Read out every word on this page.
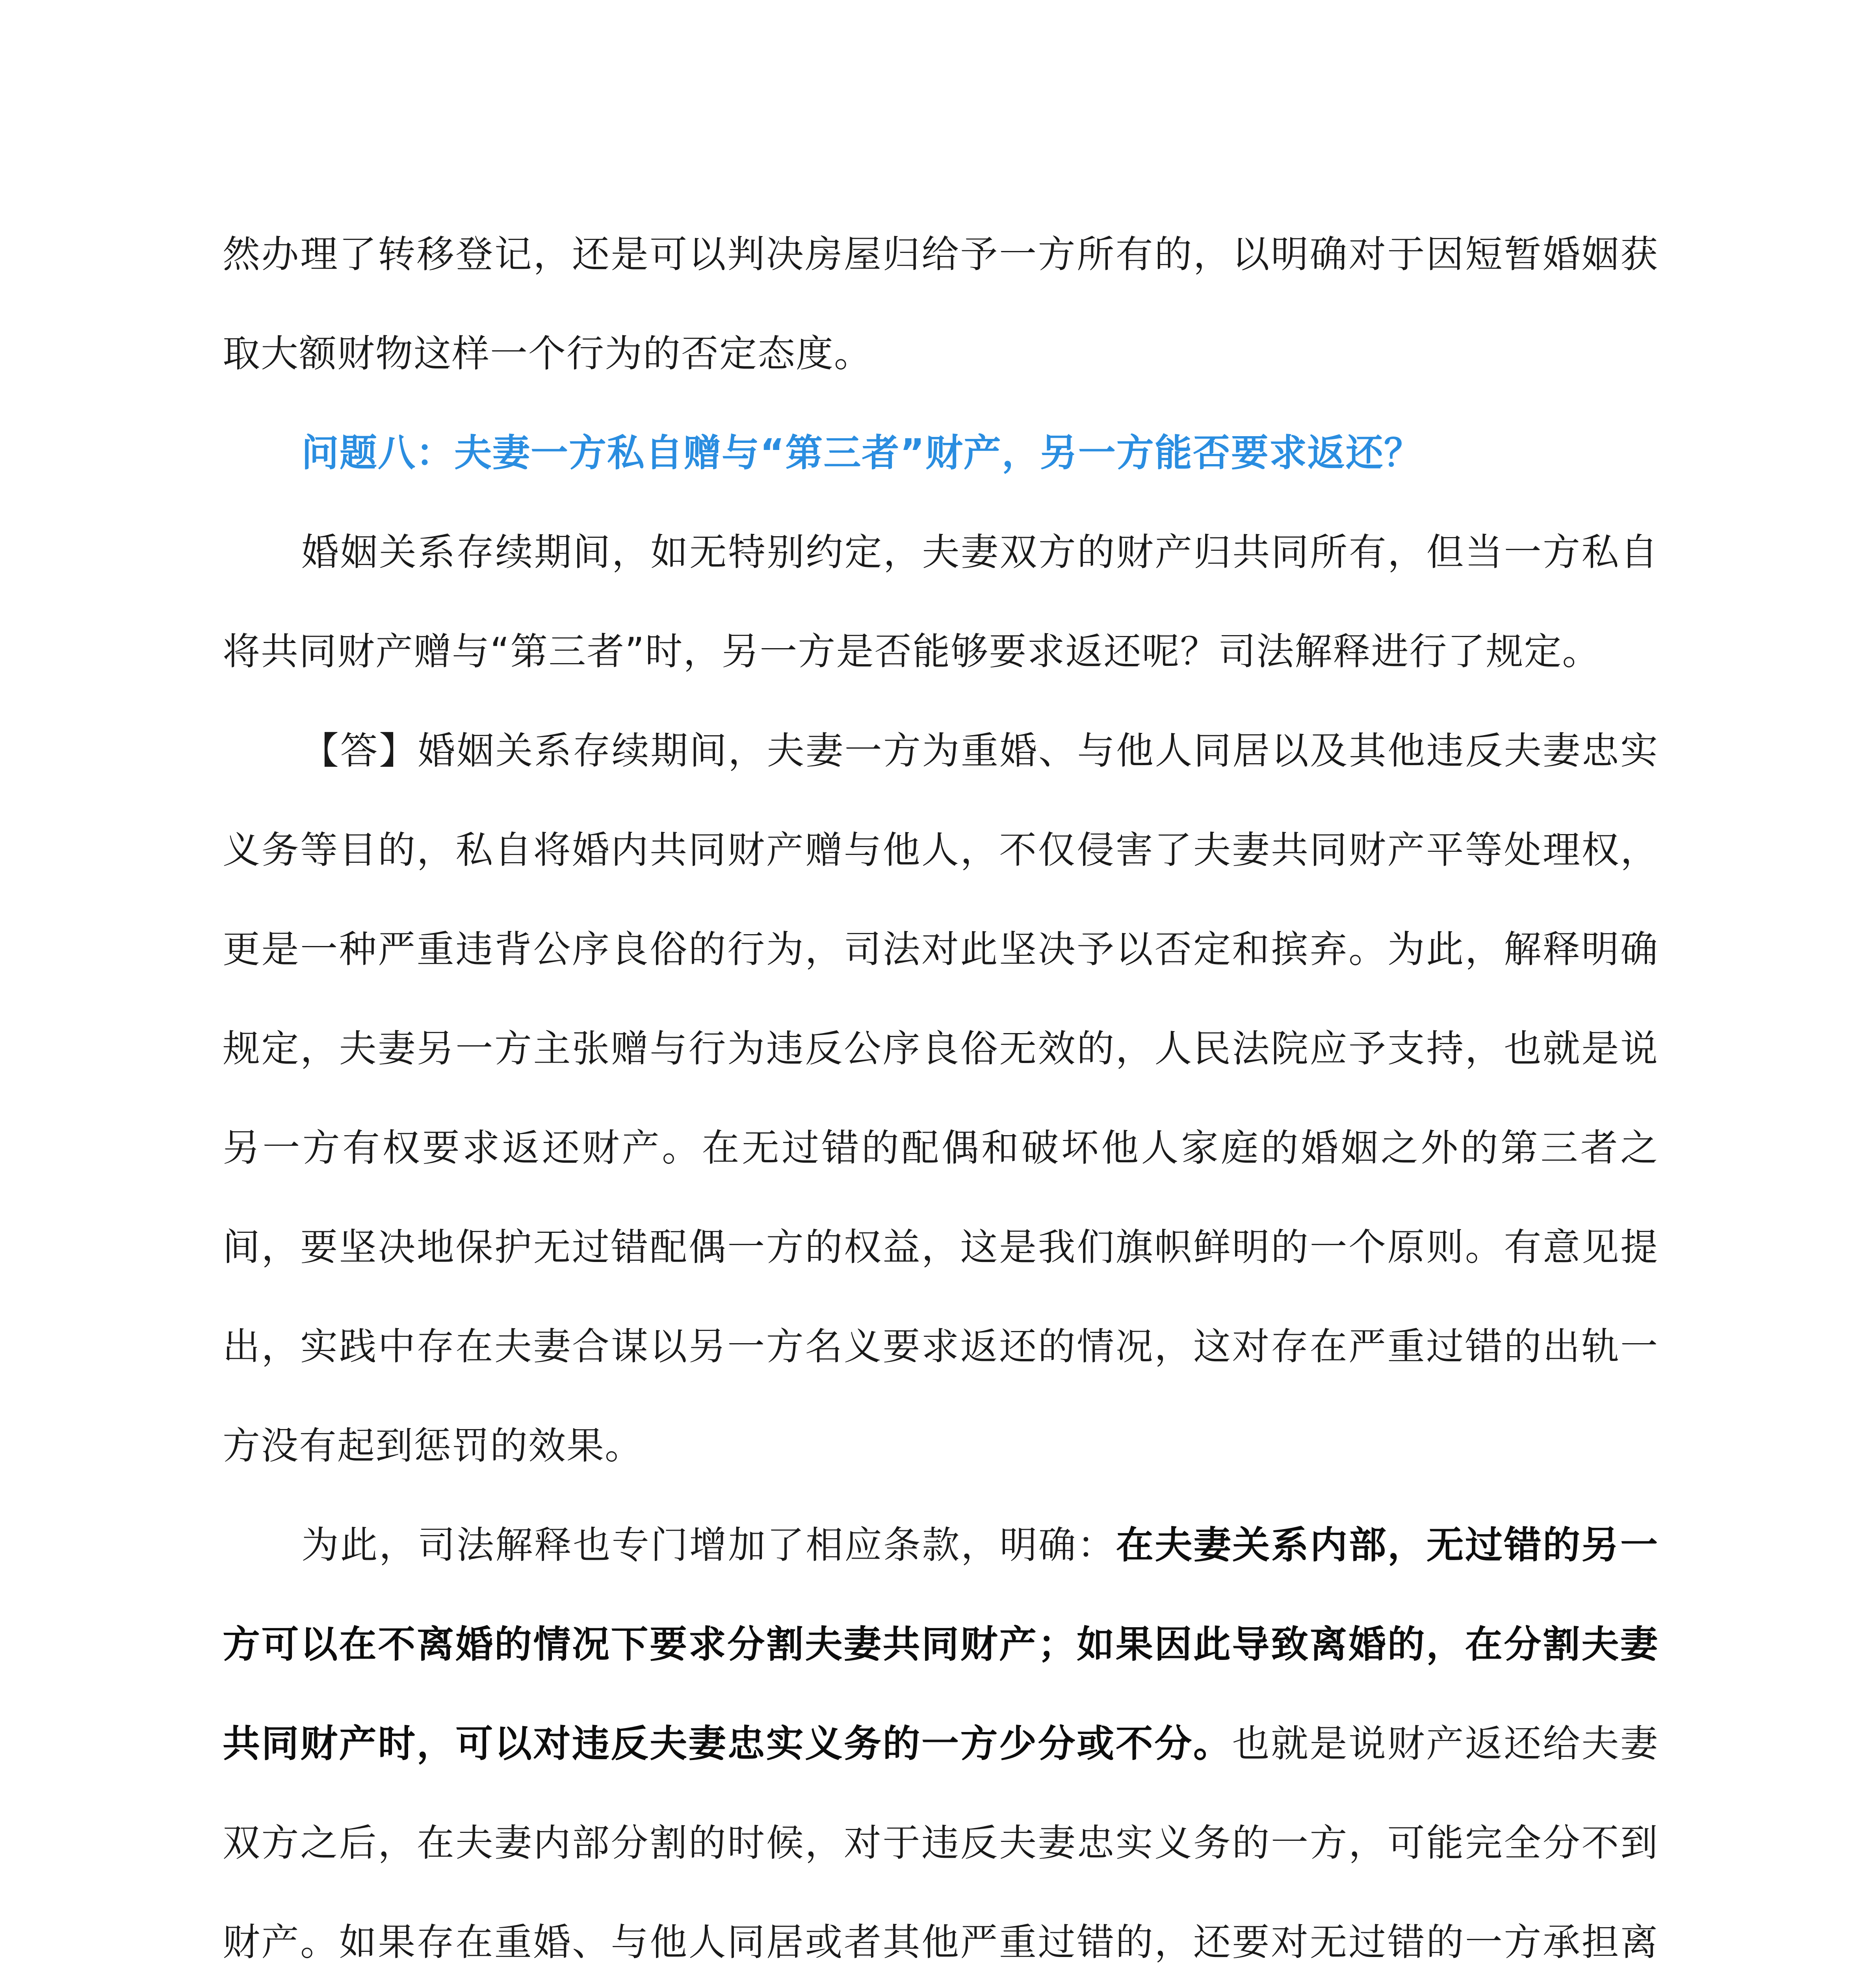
然办理了转移登记，还是可以判决房屋归给予一方所有的，以明确对于因短暂婚姻获取大额财物这样一个行为的否定态度。

问题八：夫妻一方私自赠与“第三者”财产，另一方能否要求返还？

婚姻关系存续期间，如无特别约定，夫妻双方的财产归共同所有，但当一方私自将共同财产赠与“第三者”时，另一方是否能够要求返还呢？司法解释进行了规定。

【答】婚姻关系存续期间，夫妻一方为重婚、与他人同居以及其他违反夫妻忠实义务等目的，私自将婚内共同财产赠与他人，不仅侵害了夫妻共同财产平等处理权，更是一种严重违背公序良俗的行为，司法对此坚决予以否定和摈弃。为此，解释明确规定，夫妻另一方主张赠与行为违反公序良俗无效的，人民法院应予支持，也就是说另一方有权要求返还财产。在无过错的配偶和破坏他人家庭的婚姻之外的第三者之间，要坚决地保护无过错配偶一方的权益，这是我们旗帜鲜明的一个原则。有意见提出，实践中存在夫妻合谋以另一方名义要求返还的情况，这对存在严重过错的出轨一方没有起到惩罚的效果。

为此，司法解释也专门增加了相应条款，明确：在夫妻关系内部，无过错的另一方可以在不离婚的情况下要求分割夫妻共同财产；如果因此导致离婚的，在分割夫妻共同财产时，可以对违反夫妻忠实义务的一方少分或不分。也就是说财产返还给夫妻双方之后，在夫妻内部分割的时候，对于违反夫妻忠实义务的一方，可能完全分不到财产。如果存在重婚、与他人同居或者其他严重过错的，还要对无过错的一方承担离
